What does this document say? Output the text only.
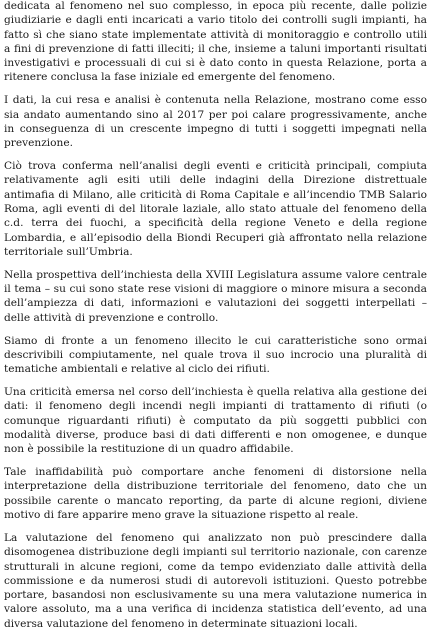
dedicata al fenomeno nel suo complesso, in epoca più recente, dalle polizie giudiziarie e dagli enti incaricati a vario titolo dei controlli sugli impianti, ha fatto sì che siano state implementate attività di monitoraggio e controllo utili a fini di prevenzione di fatti illeciti; il che, insieme a taluni importanti risultati investigativi e processuali di cui si è dato conto in questa Relazione, porta a ritenere conclusa la fase iniziale ed emergente del fenomeno.

I dati, la cui resa e analisi è contenuta nella Relazione, mostrano come esso sia andato aumentando sino al 2017 per poi calare progressivamente, anche in conseguenza di un crescente impegno di tutti i soggetti impegnati nella prevenzione.

Ciò trova conferma nell’analisi degli eventi e criticità principali, compiuta relativamente agli esiti utili delle indagini della Direzione distrettuale antimafia di Milano, alle criticità di Roma Capitale e all’incendio TMB Salario Roma, agli eventi di del litorale laziale, allo stato attuale del fenomeno della c.d. terra dei fuochi, a specificità della regione Veneto e della regione Lombardia, e all’episodio della Biondi Recuperi già affrontato nella relazione territoriale sull’Umbria.

Nella prospettiva dell’inchiesta della XVIII Legislatura assume valore centrale il tema – su cui sono state rese visioni di maggiore o minore misura a seconda dell’ampiezza di dati, informazioni e valutazioni dei soggetti interpellati – delle attività di prevenzione e controllo.

Siamo di fronte a un fenomeno illecito le cui caratteristiche sono ormai descrivibili compiutamente, nel quale trova il suo incrocio una pluralità di tematiche ambientali e relative al ciclo dei rifiuti.

Una criticità emersa nel corso dell’inchiesta è quella relativa alla gestione dei dati: il fenomeno degli incendi negli impianti di trattamento di rifiuti (o comunque riguardanti rifiuti) è computato da più soggetti pubblici con modalità diverse, produce basi di dati differenti e non omogenee, e dunque non è possibile la restituzione di un quadro affidabile.

Tale inaffidabilità può comportare anche fenomeni di distorsione nella interpretazione della distribuzione territoriale del fenomeno, dato che un possibile carente o mancato reporting, da parte di alcune regioni, diviene motivo di fare apparire meno grave la situazione rispetto al reale.

La valutazione del fenomeno qui analizzato non può prescindere dalla disomogenea distribuzione degli impianti sul territorio nazionale, con carenze strutturali in alcune regioni, come da tempo evidenziato dalle attività della commissione e da numerosi studi di autorevoli istituzioni. Questo potrebbe portare, basandosi non esclusivamente su una mera valutazione numerica in valore assoluto, ma a una verifica di incidenza statistica dell’evento, ad una diversa valutazione del fenomeno in determinate situazioni locali.
